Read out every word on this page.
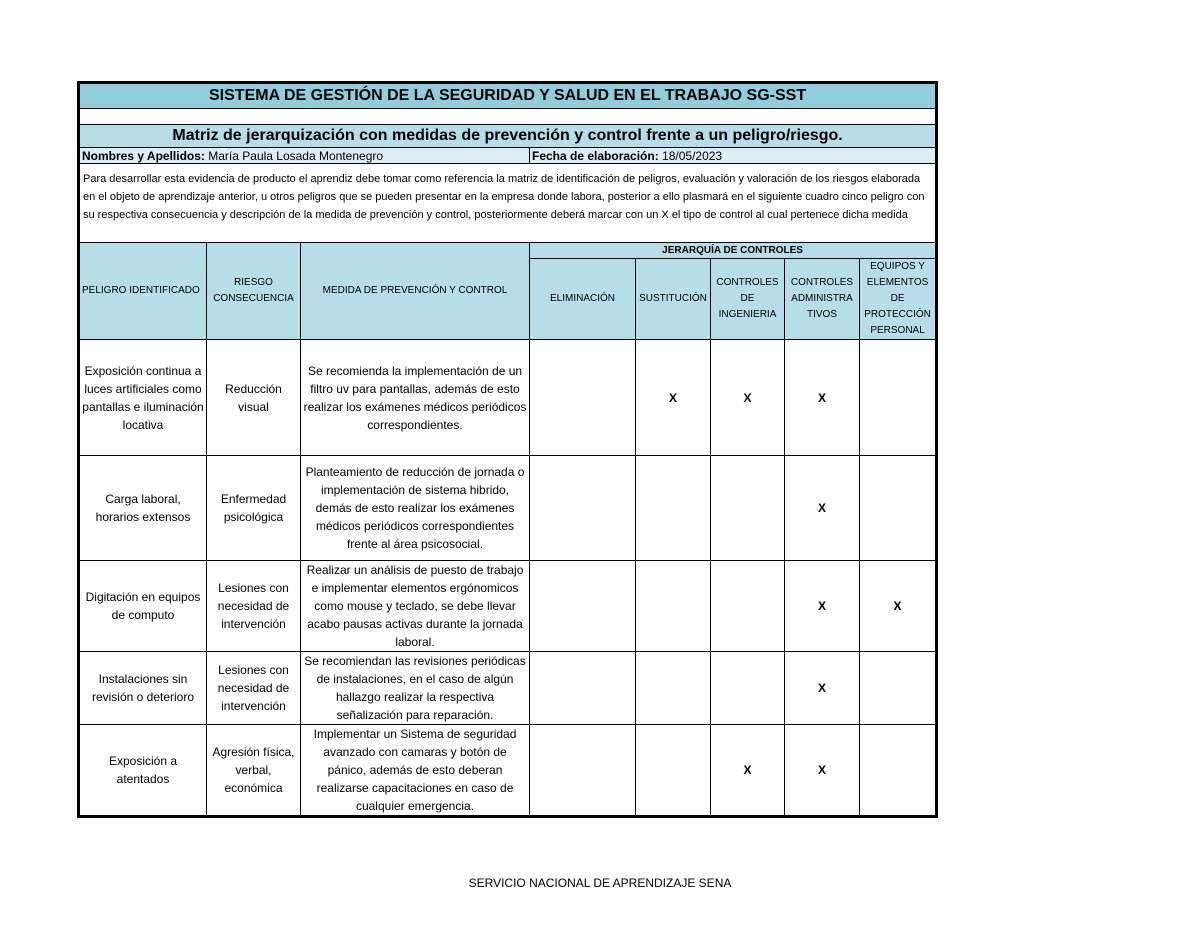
SISTEMA DE GESTIÓN DE LA SEGURIDAD Y SALUD EN EL TRABAJO SG-SST							

Matriz de jerarquización con medidas de prevención y control frente a un peligro/riesgo.							
Nombres y Apellidos: María Paula Losada Montenegro			Fecha de elaboración: 18/05/2023				
Para desarrollar esta evidencia de producto el aprendiz debe tomar como referencia la matriz de identificación de peligros, evaluación y valoración de los riesgos elaborada en el objeto de aprendizaje anterior, u otros peligros que se pueden presentar en la empresa donde labora, posterior a ello plasmará en el siguiente cuadro cinco peligro con su respectiva consecuencia y descripción de la medida de prevención y control, posteriormente deberá marcar con un X el tipo de control al cual pertenece dicha medida							
PELIGRO IDENTIFICADO	RIESGO CONSECUENCIA	MEDIDA DE PREVENCIÓN Y CONTROL	JERARQUÍA DE CONTROLES				
			ELIMINACIÓN	SUSTITUCIÓN	CONTROLES DE INGENIERIA	CONTROLES ADMINISTRA TIVOS	EQUIPOS Y ELEMENTOS DE PROTECCIÓN PERSONAL
Exposición continua a luces artificiales como pantallas e iluminación locativa	Reducción visual	Se recomienda la implementación de un filtro uv para pantallas, además de esto realizar los exámenes médicos periódicos correspondientes.		X	X	X	
Carga laboral, horarios extensos	Enfermedad psicológica	Planteamiento de reducción de jornada o implementación de sistema hibrido, demás de esto realizar los exámenes médicos periódicos correspondientes frente al área psicosocial.				X	
Digitación en equipos de computo	Lesiones con necesidad de intervención	Realizar un análisis de puesto de trabajo e implementar elementos ergónomicos como mouse y teclado, se debe llevar acabo pausas activas durante la jornada laboral.				X	X
Instalaciones sin revisión o deterioro	Lesiones con necesidad de intervención	Se recomiendan las revisiones periódicas de instalaciones, en el caso de algún hallazgo realizar la respectiva señalización para reparación.				X	
Exposición a atentados	Agresión física, verbal, económica	Implementar un Sistema de seguridad avanzado con camaras y botón de pánico, además de esto deberan realizarse capacitaciones en caso de cualquier emergencia.			X	X	
SERVICIO NACIONAL DE APRENDIZAJE SENA
